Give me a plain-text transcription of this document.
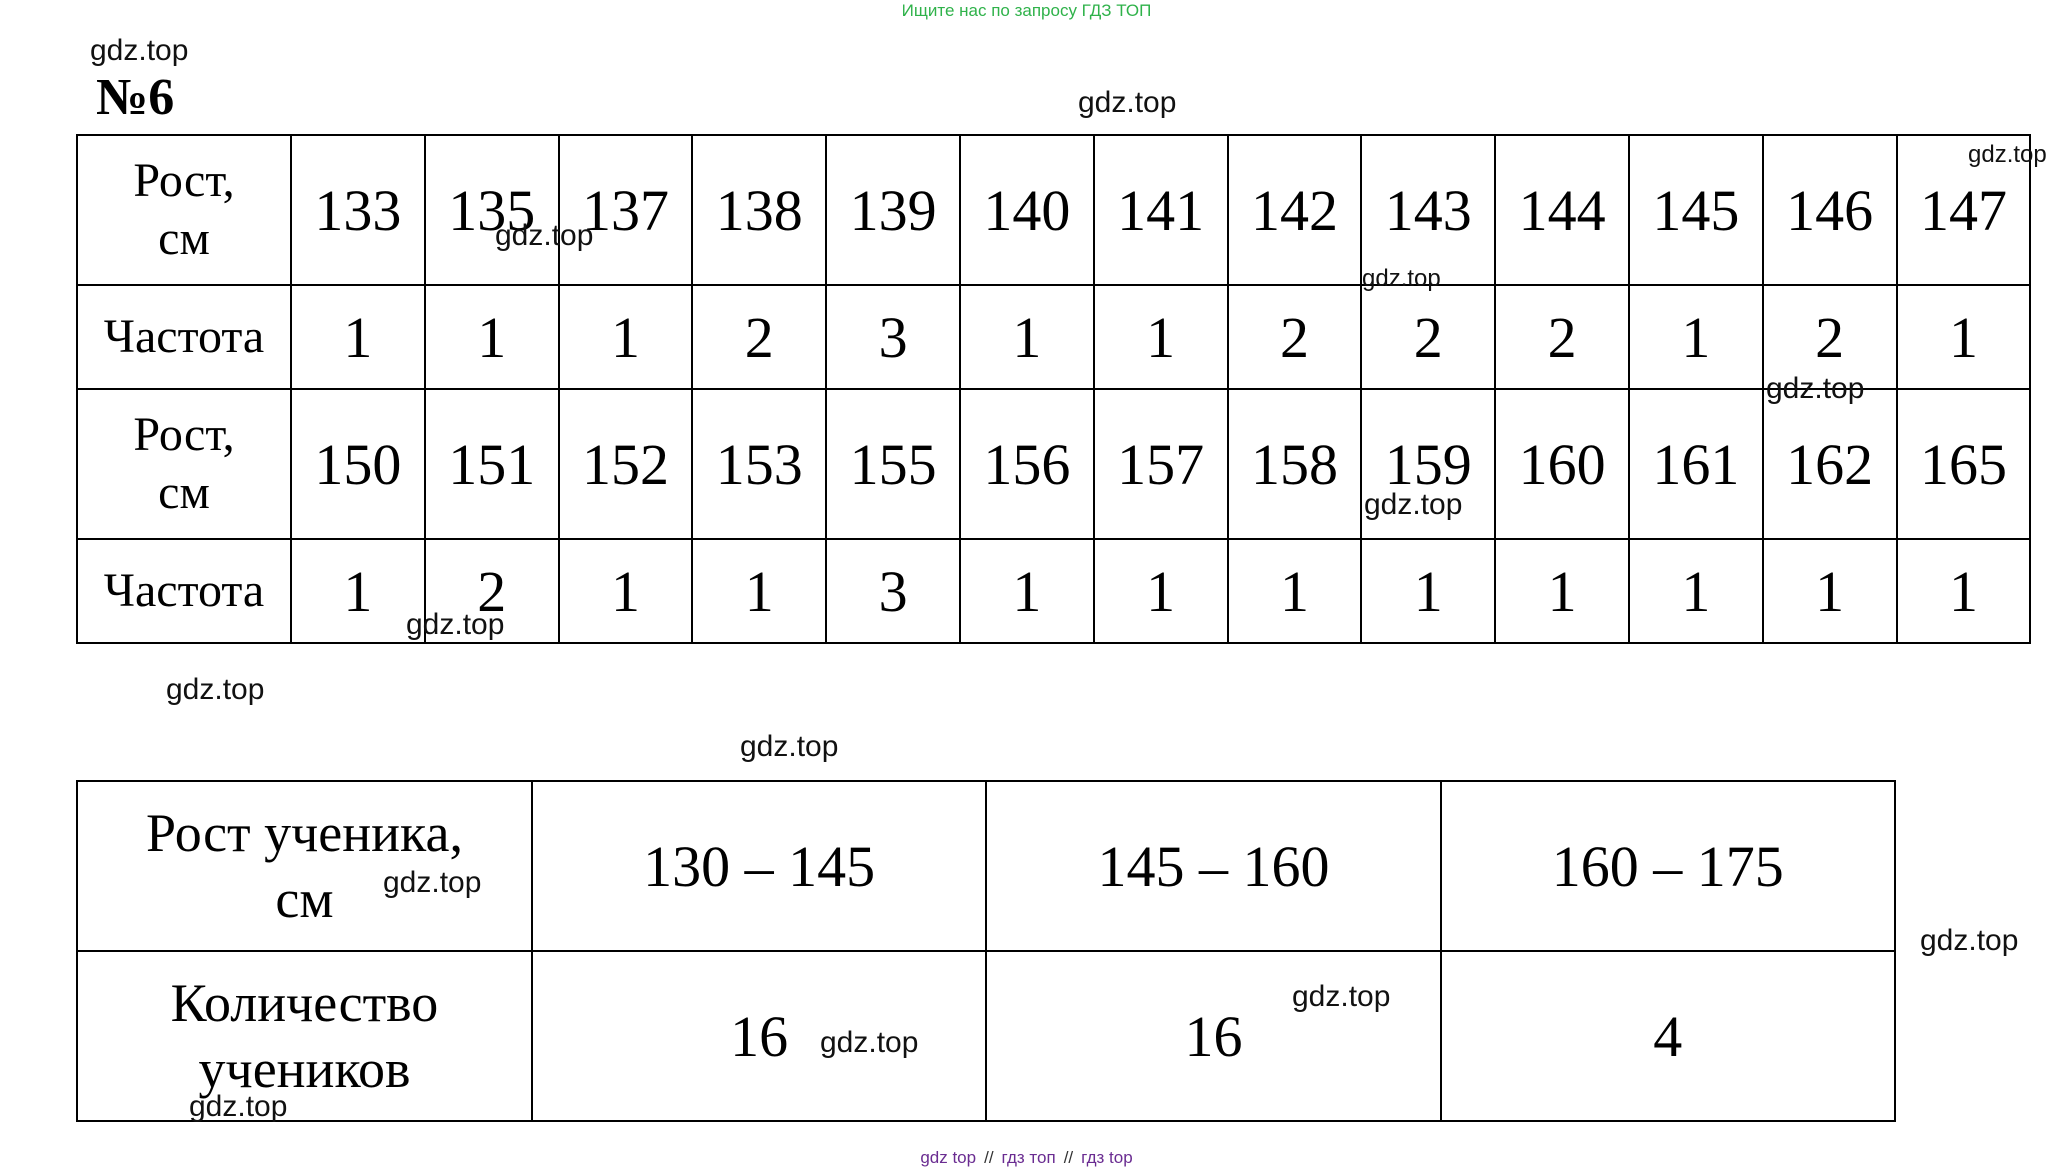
Ищите нас по запросу ГДЗ ТОП
gdz.top
№6	gdz.top
Рост,
см	133	135	137	138	139	140	141	142	143	144	145	146	147
Частота	1	1	1	2	3	1	1	2	2	2	1	2	1
Рост,
см	150	151	152	153	155	156	157	158	159	160	161	162	165
Частота	1	2	1	1	3	1	1	1	1	1	1	1	1
Рост ученика,
см	130 – 145	145 – 160	160 – 175
Количество
учеников	16	16	4
gdz.top
gdz.top
gdz.top
gdz.top
gdz.top
gdz.top
gdz.top
gdz.top
gdz.top
gdz.top
gdz.top
gdz.top
gdz.top
gdz top // гдз топ // гдз top
